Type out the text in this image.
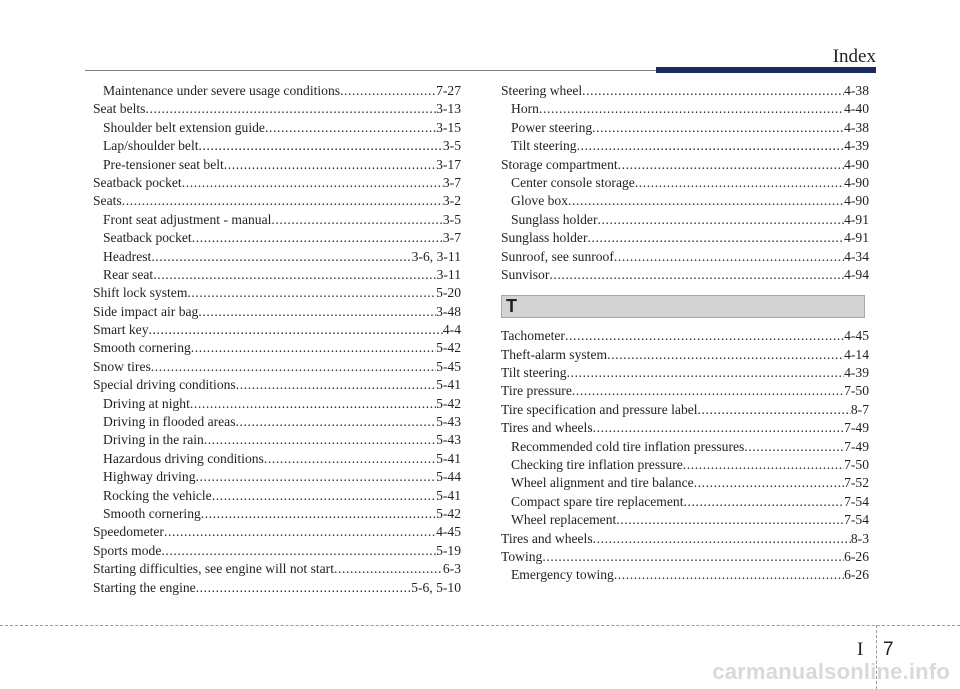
Index
Maintenance under severe usage conditions .....	7-27
Seat belts .....	3-13
Shoulder belt extension guide .....	3-15
Lap/shoulder belt .....	3-5
Pre-tensioner seat belt .....	3-17
Seatback pocket .....	3-7
Seats .....	3-2
Front seat adjustment - manual .....	3-5
Seatback pocket .....	3-7
Headrest .....	3-6, 3-11
Rear seat .....	3-11
Shift lock system .....	5-20
Side impact air bag .....	3-48
Smart key .....	4-4
Smooth cornering .....	5-42
Snow tires .....	5-45
Special driving conditions .....	5-41
Driving at night .....	5-42
Driving in flooded areas .....	5-43
Driving in the rain .....	5-43
Hazardous driving conditions .....	5-41
Highway driving .....	5-44
Rocking the vehicle .....	5-41
Smooth cornering .....	5-42
Speedometer .....	4-45
Sports mode .....	5-19
Starting difficulties, see engine will not start .....	6-3
Starting the engine .....	5-6, 5-10
Steering wheel .....	4-38
Horn .....	4-40
Power steering .....	4-38
Tilt steering .....	4-39
Storage compartment .....	4-90
Center console storage .....	4-90
Glove box .....	4-90
Sunglass holder .....	4-91
Sunglass holder .....	4-91
Sunroof, see sunroof .....	4-34
Sunvisor .....	4-94
T
Tachometer .....	4-45
Theft-alarm system .....	4-14
Tilt steering .....	4-39
Tire pressure .....	7-50
Tire specification and pressure label .....	8-7
Tires and wheels .....	7-49
Recommended cold tire inflation pressures .....	7-49
Checking tire inflation pressure .....	7-50
Wheel alignment and tire balance .....	7-52
Compact spare tire replacement .....	7-54
Wheel replacement .....	7-54
Tires and wheels .....	8-3
Towing .....	6-26
Emergency towing .....	6-26
I 7
carmanualsonline.info
